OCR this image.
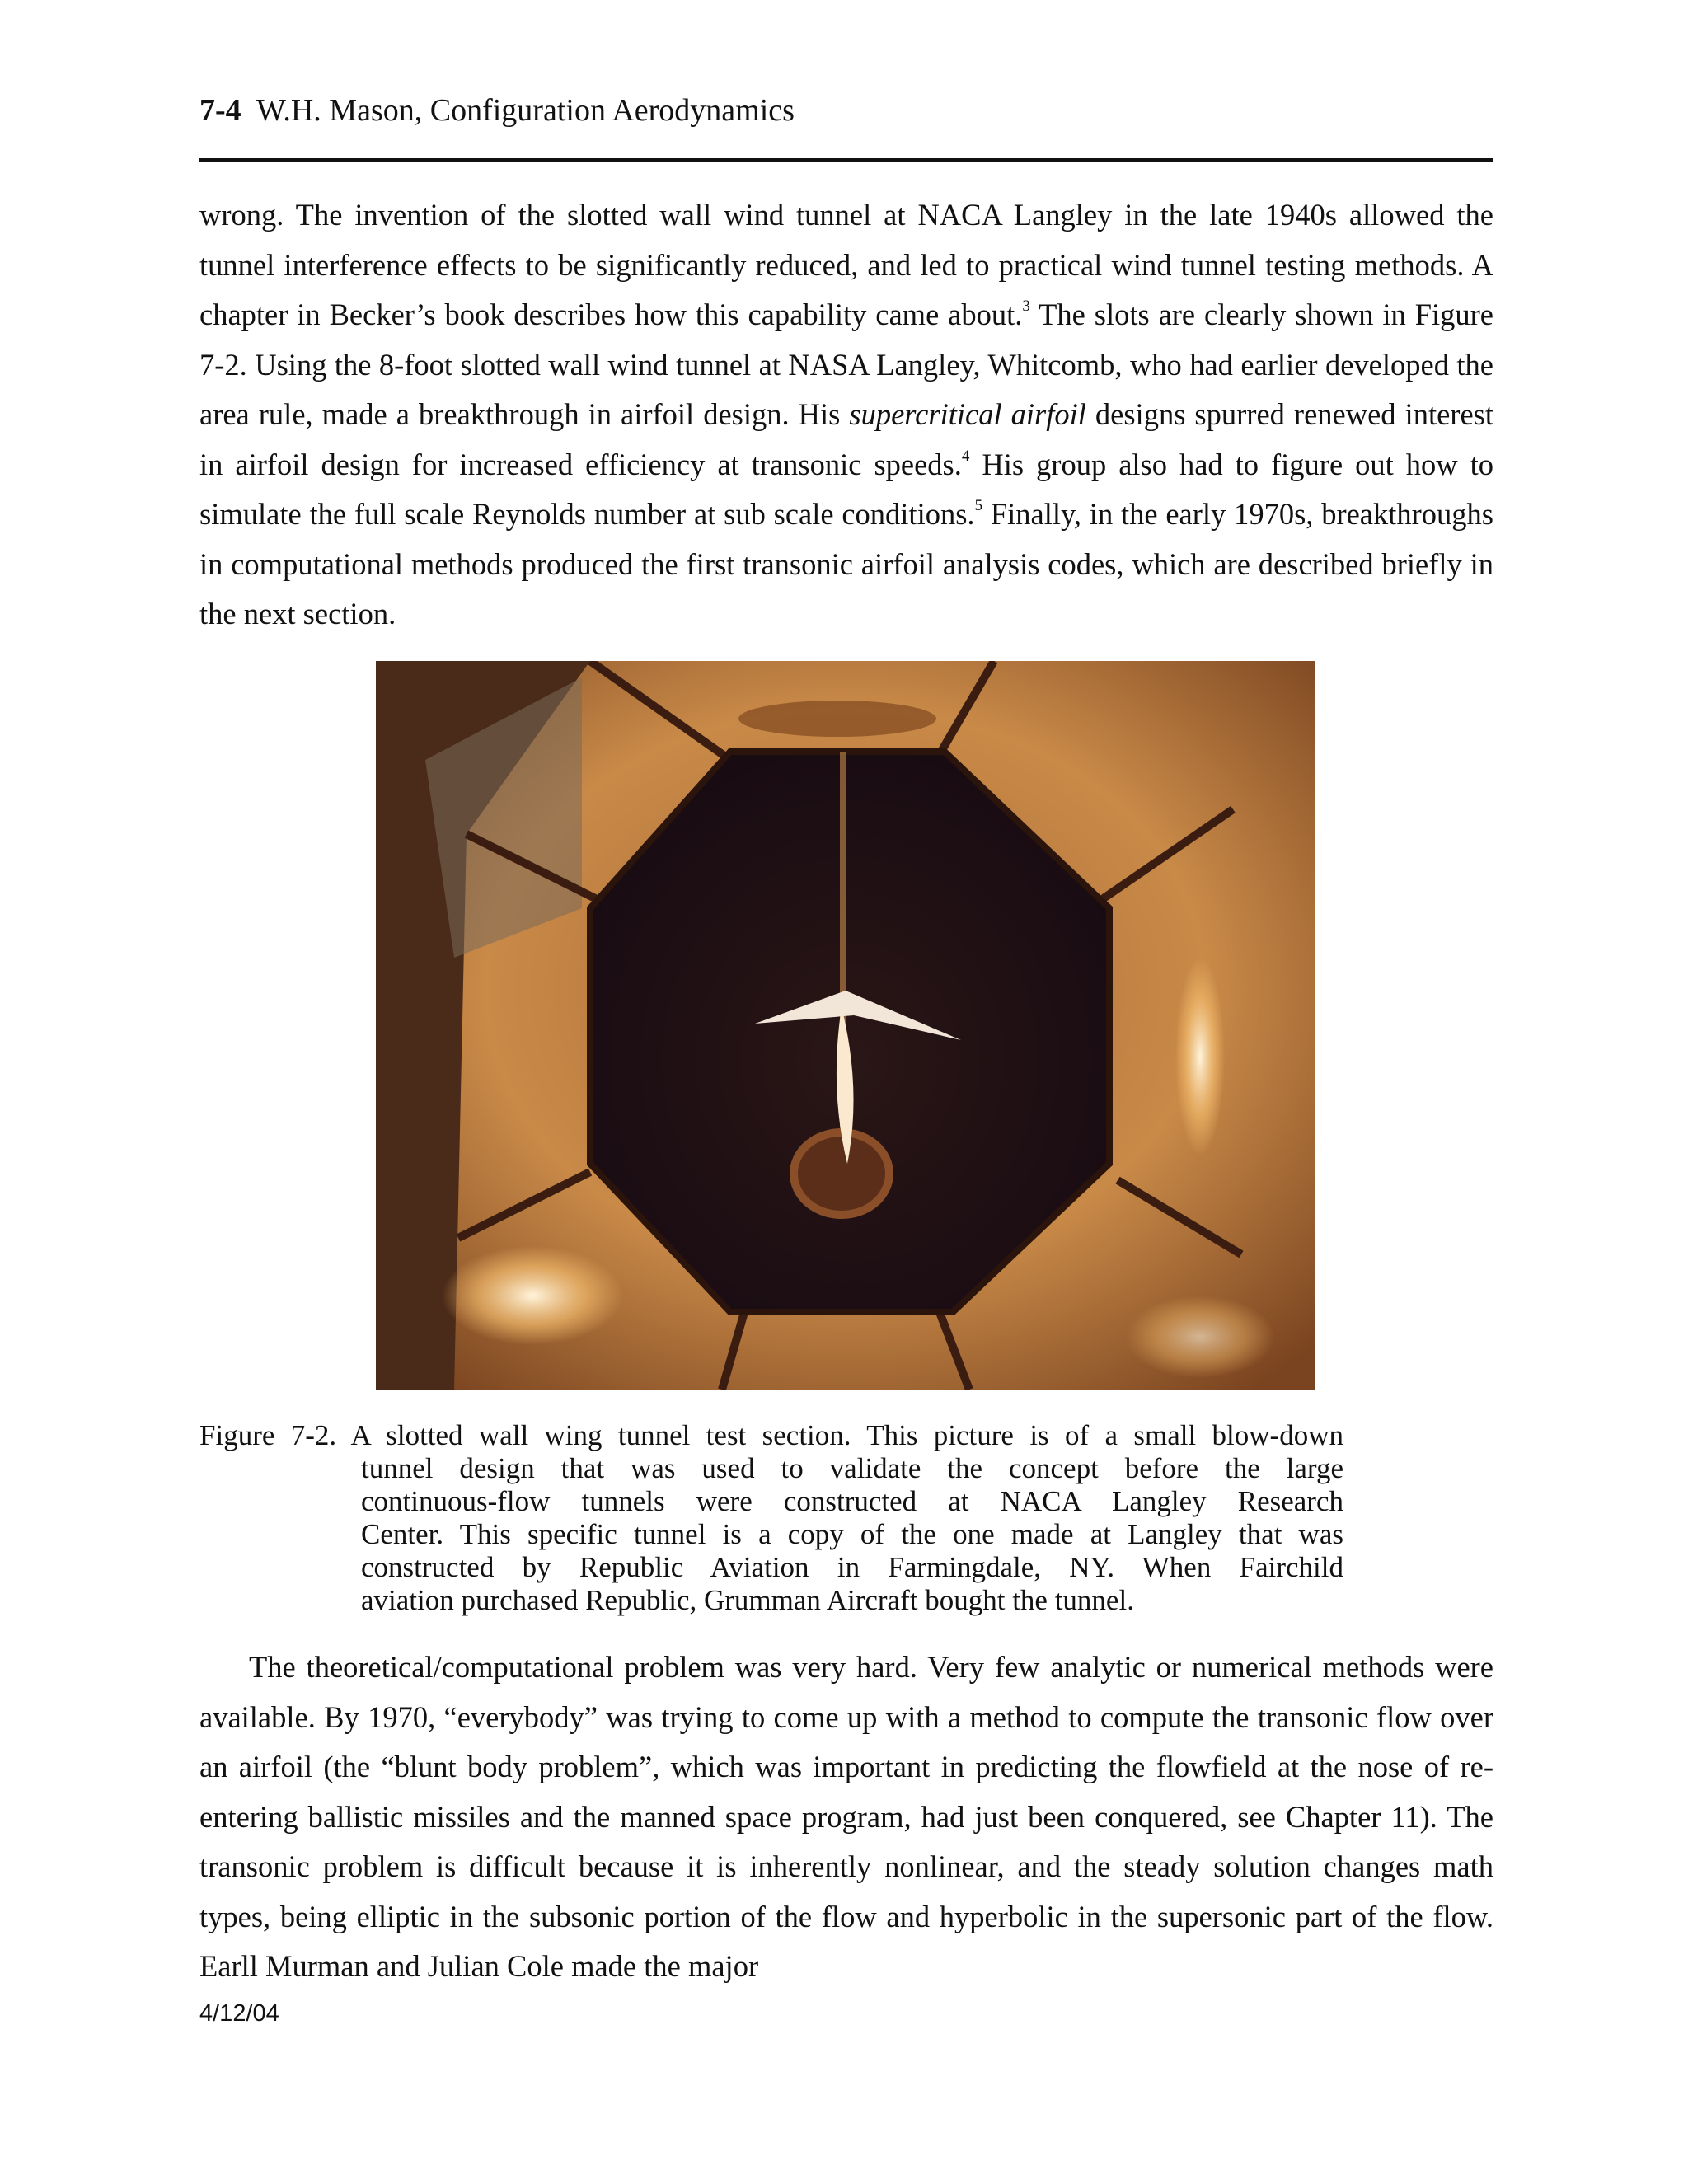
7-4 W.H. Mason, Configuration Aerodynamics

wrong. The invention of the slotted wall wind tunnel at NACA Langley in the late 1940s allowed the tunnel interference effects to be significantly reduced, and led to practical wind tunnel testing methods. A chapter in Becker’s book describes how this capability came about.$^3$ The slots are clearly shown in Figure 7-2. Using the 8-foot slotted wall wind tunnel at NASA Langley, Whitcomb, who had earlier developed the area rule, made a breakthrough in airfoil design. His supercritical airfoil designs spurred renewed interest in airfoil design for increased efficiency at transonic speeds.$^4$ His group also had to figure out how to simulate the full scale Reynolds number at sub scale conditions.$^5$ Finally, in the early 1970s, breakthroughs in computational methods produced the first transonic airfoil analysis codes, which are described briefly in the next section.

Figure 7-2. A slotted wall wing tunnel test section. This picture is of a small blow-down
tunnel design that was used to validate the concept before the large
continuous-flow tunnels were constructed at NACA Langley Research
Center. This specific tunnel is a copy of the one made at Langley that was
constructed by Republic Aviation in Farmingdale, NY. When Fairchild
aviation purchased Republic, Grumman Aircraft bought the tunnel.

The theoretical/computational problem was very hard. Very few analytic or numerical methods were available. By 1970, “everybody” was trying to come up with a method to compute the transonic flow over an airfoil (the “blunt body problem”, which was important in predicting the flowfield at the nose of re-entering ballistic missiles and the manned space program, had just been conquered, see Chapter 11). The transonic problem is difficult because it is inherently nonlinear, and the steady solution changes math types, being elliptic in the subsonic portion of the flow and hyperbolic in the supersonic part of the flow. Earll Murman and Julian Cole made the major

4/12/04
